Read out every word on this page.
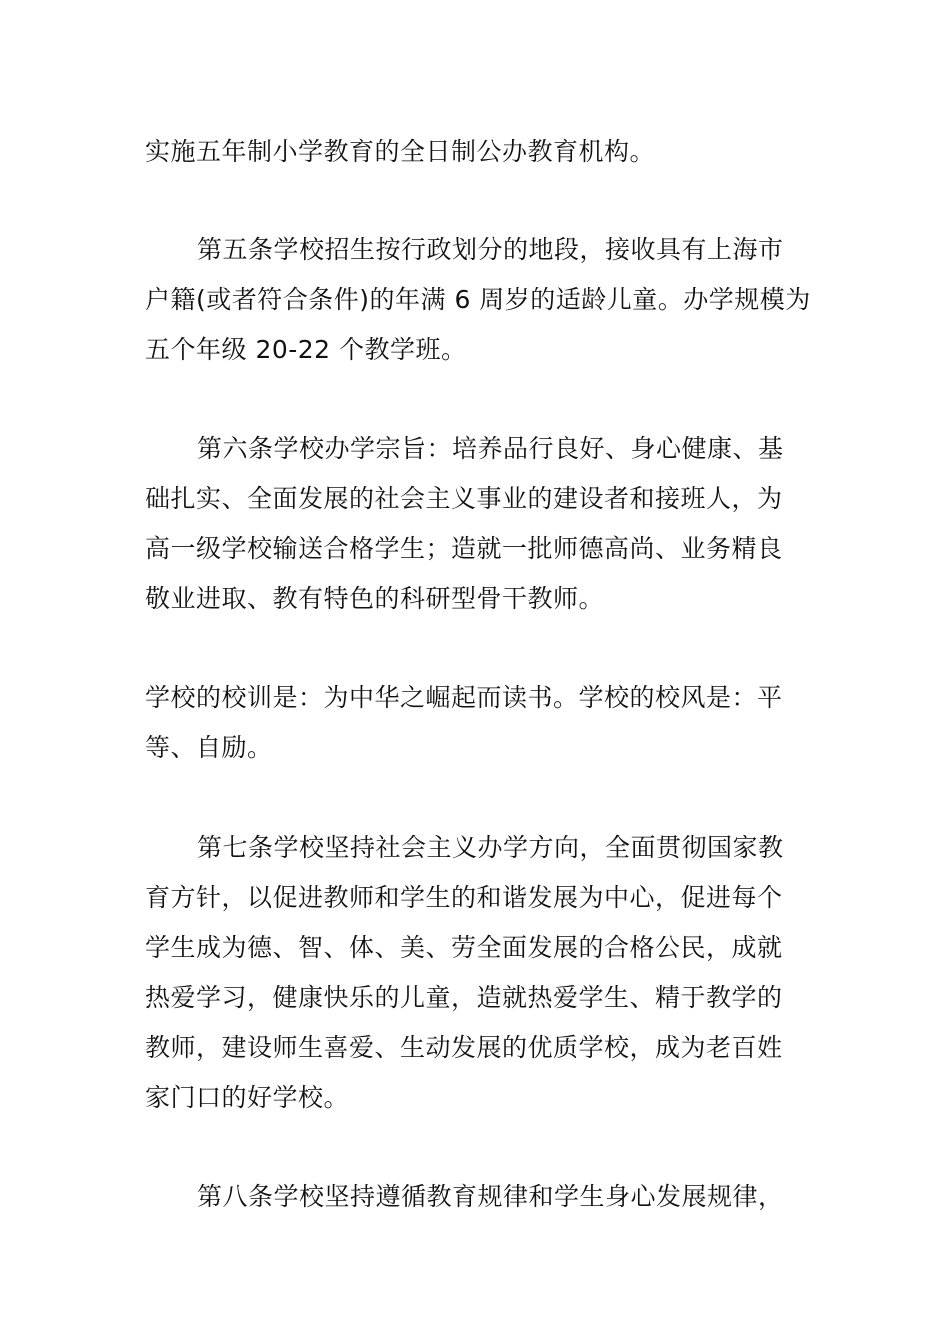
实施五年制小学教育的全日制公办教育机构。
第五条学校招生按行政划分的地段，接收具有上海市
户籍(或者符合条件)的年满 6 周岁的适龄儿童。办学规模为
五个年级 20-22 个教学班。
第六条学校办学宗旨：培养品行良好、身心健康、基
础扎实、全面发展的社会主义事业的建设者和接班人，为
高一级学校输送合格学生；造就一批师德高尚、业务精良
敬业进取、教有特色的科研型骨干教师。
学校的校训是：为中华之崛起而读书。学校的校风是：平
等、自励。
第七条学校坚持社会主义办学方向，全面贯彻国家教
育方针，以促进教师和学生的和谐发展为中心，促进每个
学生成为德、智、体、美、劳全面发展的合格公民，成就
热爱学习，健康快乐的儿童，造就热爱学生、精于教学的
教师，建设师生喜爱、生动发展的优质学校，成为老百姓
家门口的好学校。
第八条学校坚持遵循教育规律和学生身心发展规律，
